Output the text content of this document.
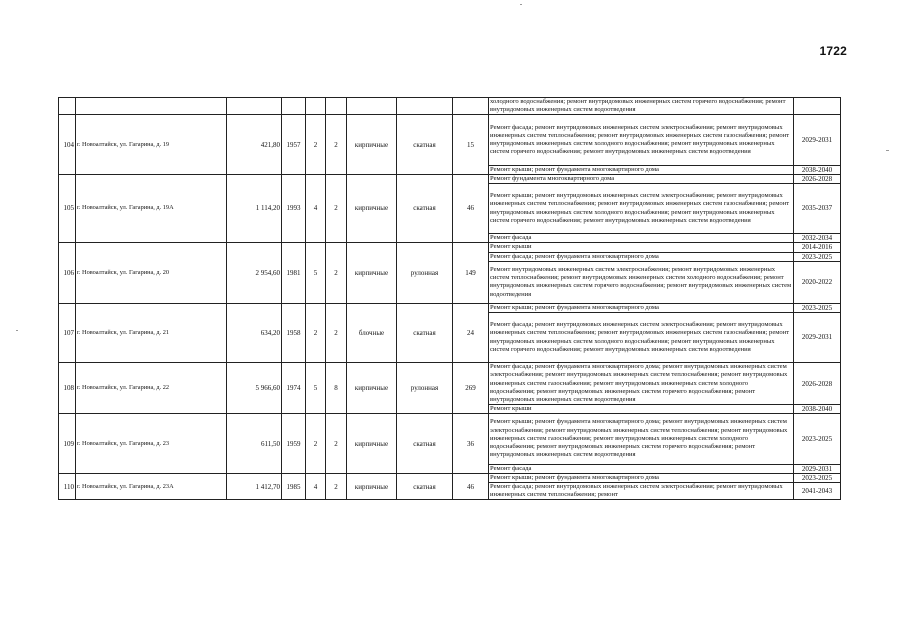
1722
									холодного водоснабжения; ремонт внутридомовых инженерных систем горячего водоснабжения; ремонт внутридомовых инженерных систем водоотведения	
104	г. Новоалтайск, ул. Гагарина, д. 19	421,80	1957	2	2	кирпичные	скатная	15	Ремонт фасада; ремонт внутридомовых инженерных систем электроснабжения; ремонт внутридомовых инженерных систем теплоснабжения; ремонт внутридомовых инженерных систем газоснабжения; ремонт внутридомовых инженерных систем холодного водоснабжения; ремонт внутридомовых инженерных систем горячего водоснабжения; ремонт внутридомовых инженерных систем водоотведения	2029-2031
									Ремонт крыши; ремонт фундамента многоквартирного дома	2038-2040
105	г. Новоалтайск, ул. Гагарина, д. 19А	1 114,20	1993	4	2	кирпичные	скатная	46	Ремонт фундамента многоквартирного дома	2026-2028
									Ремонт крыши; ремонт внутридомовых инженерных систем электроснабжения; ремонт внутридомовых инженерных систем теплоснабжения; ремонт внутридомовых инженерных систем газоснабжения; ремонт внутридомовых инженерных систем холодного водоснабжения; ремонт внутридомовых инженерных систем горячего водоснабжения; ремонт внутридомовых инженерных систем водоотведения	2035-2037
									Ремонт фасада	2032-2034
106	г. Новоалтайск, ул. Гагарина, д. 20	2 954,60	1981	5	2	кирпичные	рулонная	149	Ремонт крыши	2014-2016
									Ремонт фасада; ремонт фундамента многоквартирного дома	2023-2025
									Ремонт внутридомовых инженерных систем электроснабжения; ремонт внутридомовых инженерных систем теплоснабжения; ремонт внутридомовых инженерных систем холодного водоснабжения; ремонт внутридомовых инженерных систем горячего водоснабжения; ремонт внутридомовых инженерных систем водоотведения	2020-2022
107	г. Новоалтайск, ул. Гагарина, д. 21	634,20	1958	2	2	блочные	скатная	24	Ремонт крыши; ремонт фундамента многоквартирного дома	2023-2025
									Ремонт фасада; ремонт внутридомовых инженерных систем электроснабжения; ремонт внутридомовых инженерных систем теплоснабжения; ремонт внутридомовых инженерных систем газоснабжения; ремонт внутридомовых инженерных систем холодного водоснабжения; ремонт внутридомовых инженерных систем горячего водоснабжения; ремонт внутридомовых инженерных систем водоотведения	2029-2031
108	г. Новоалтайск, ул. Гагарина, д. 22	5 966,60	1974	5	8	кирпичные	рулонная	269	Ремонт фасада; ремонт фундамента многоквартирного дома; ремонт внутридомовых инженерных систем электроснабжения; ремонт внутридомовых инженерных систем теплоснабжения; ремонт внутридомовых инженерных систем газоснабжения; ремонт внутридомовых инженерных систем холодного водоснабжения; ремонт внутридомовых инженерных систем горячего водоснабжения; ремонт внутридомовых инженерных систем водоотведения	2026-2028
									Ремонт крыши	2038-2040
109	г. Новоалтайск, ул. Гагарина, д. 23	611,50	1959	2	2	кирпичные	скатная	36	Ремонт крыши; ремонт фундамента многоквартирного дома; ремонт внутридомовых инженерных систем электроснабжения; ремонт внутридомовых инженерных систем теплоснабжения; ремонт внутридомовых инженерных систем газоснабжения; ремонт внутридомовых инженерных систем холодного водоснабжения; ремонт внутридомовых инженерных систем горячего водоснабжения; ремонт внутридомовых инженерных систем водоотведения	2023-2025
									Ремонт фасада	2029-2031
110	г. Новоалтайск, ул. Гагарина, д. 23А	1 412,70	1985	4	2	кирпичные	скатная	46	Ремонт крыши; ремонт фундамента многоквартирного дома	2023-2025
									Ремонт фасада; ремонт внутридомовых инженерных систем электроснабжения; ремонт внутридомовых инженерных систем теплоснабжения; ремонт	2041-2043
